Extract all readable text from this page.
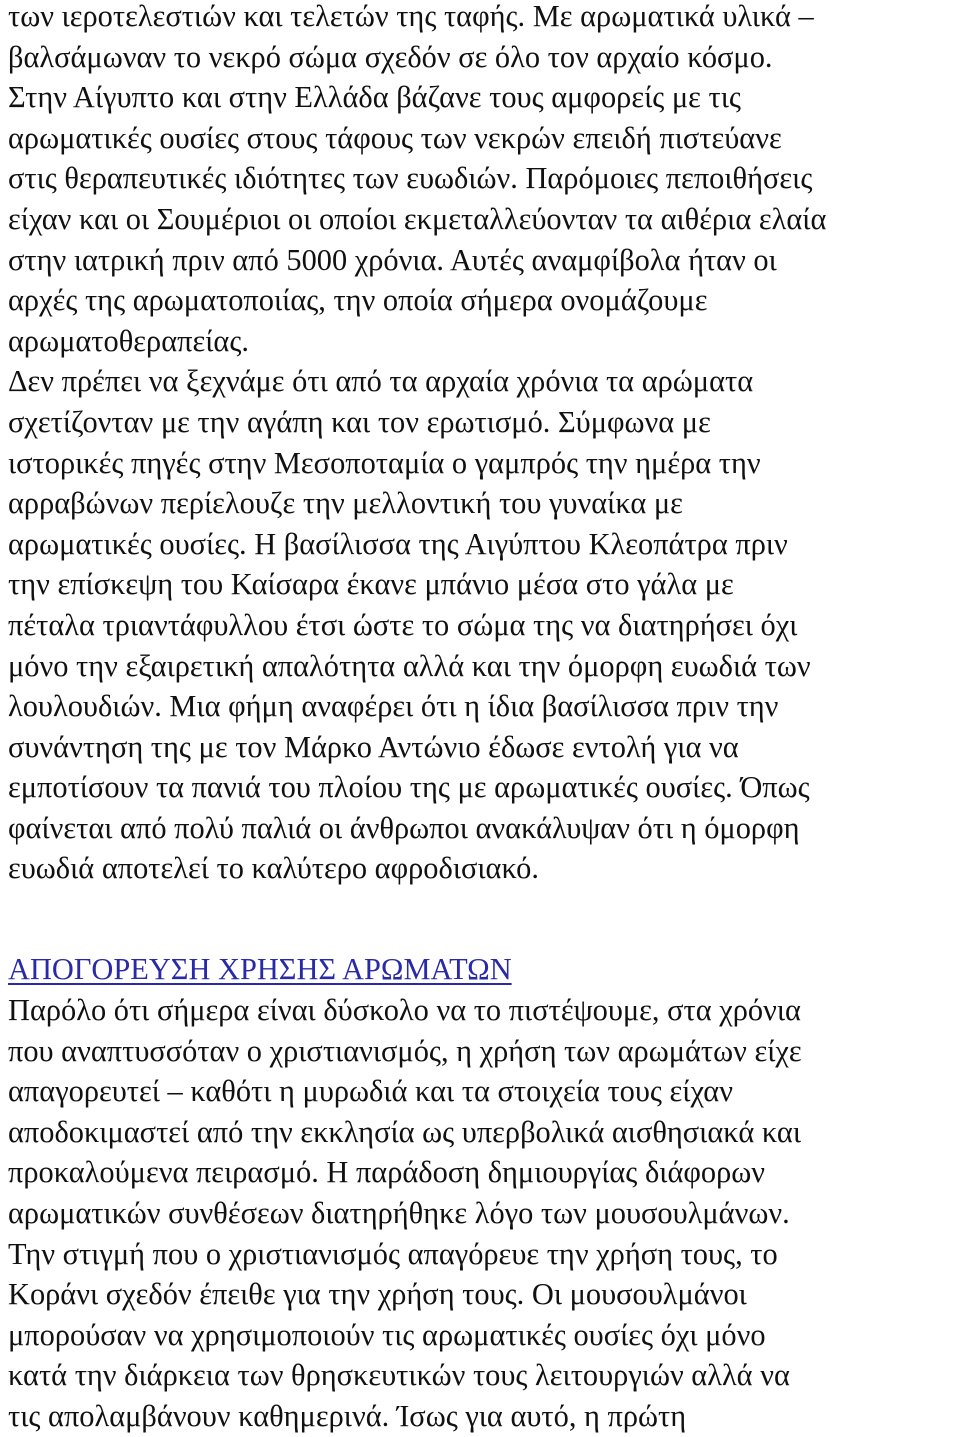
των ιεροτελεστιών και τελετών της ταφής. Με αρωματικά υλικά –
βαλσάμωναν το νεκρό σώμα σχεδόν σε όλο τον αρχαίο κόσμο.
Στην Αίγυπτο και στην Ελλάδα βάζανε τους αμφορείς με τις
αρωματικές ουσίες στους τάφους των νεκρών επειδή πιστεύανε
στις θεραπευτικές ιδιότητες των ευωδιών. Παρόμοιες πεποιθήσεις
είχαν και οι Σουμέριοι οι οποίοι εκμεταλλεύονταν τα αιθέρια ελαία
στην ιατρική πριν από 5000 χρόνια. Αυτές αναμφίβολα ήταν οι
αρχές της αρωματοποιίας, την οποία σήμερα ονομάζουμε
αρωματοθεραπείας.
Δεν πρέπει να ξεχνάμε ότι από τα αρχαία χρόνια τα αρώματα
σχετίζονταν με την αγάπη και τον ερωτισμό. Σύμφωνα με
ιστορικές πηγές στην Μεσοποταμία ο γαμπρός την ημέρα την
αρραβώνων περίελουζε την μελλοντική του γυναίκα με
αρωματικές ουσίες. Η βασίλισσα της Αιγύπτου Κλεοπάτρα πριν
την επίσκεψη του Καίσαρα έκανε μπάνιο μέσα στο γάλα με
πέταλα τριαντάφυλλου έτσι ώστε το σώμα της να διατηρήσει όχι
μόνο την εξαιρετική απαλότητα αλλά και την όμορφη ευωδιά των
λουλουδιών. Μια φήμη αναφέρει ότι η ίδια βασίλισσα πριν την
συνάντηση της με τον Μάρκο Αντώνιο έδωσε εντολή για να
εμποτίσουν τα πανιά του πλοίου της με αρωματικές ουσίες. Όπως
φαίνεται από πολύ παλιά οι άνθρωποι ανακάλυψαν ότι η όμορφη
ευωδιά αποτελεί το καλύτερο αφροδισιακό.
ΑΠΟΓΟΡΕΥΣΗ ΧΡΗΣΗΣ ΑΡΩΜΑΤΩΝ
Παρόλο ότι σήμερα είναι δύσκολο να το πιστέψουμε, στα χρόνια
που αναπτυσσόταν ο χριστιανισμός, η χρήση των αρωμάτων είχε
απαγορευτεί – καθότι η μυρωδιά και τα στοιχεία τους είχαν
αποδοκιμαστεί από την εκκλησία ως υπερβολικά αισθησιακά και
προκαλούμενα πειρασμό. Η παράδοση δημιουργίας διάφορων
αρωματικών συνθέσεων διατηρήθηκε λόγο των μουσουλμάνων.
Την στιγμή που ο χριστιανισμός απαγόρευε την χρήση τους, το
Κοράνι σχεδόν έπειθε για την χρήση τους. Οι μουσουλμάνοι
μπορούσαν να χρησιμοποιούν τις αρωματικές ουσίες όχι μόνο
κατά την διάρκεια των θρησκευτικών τους λειτουργιών αλλά να
τις απολαμβάνουν καθημερινά. Ίσως για αυτό, η πρώτη
